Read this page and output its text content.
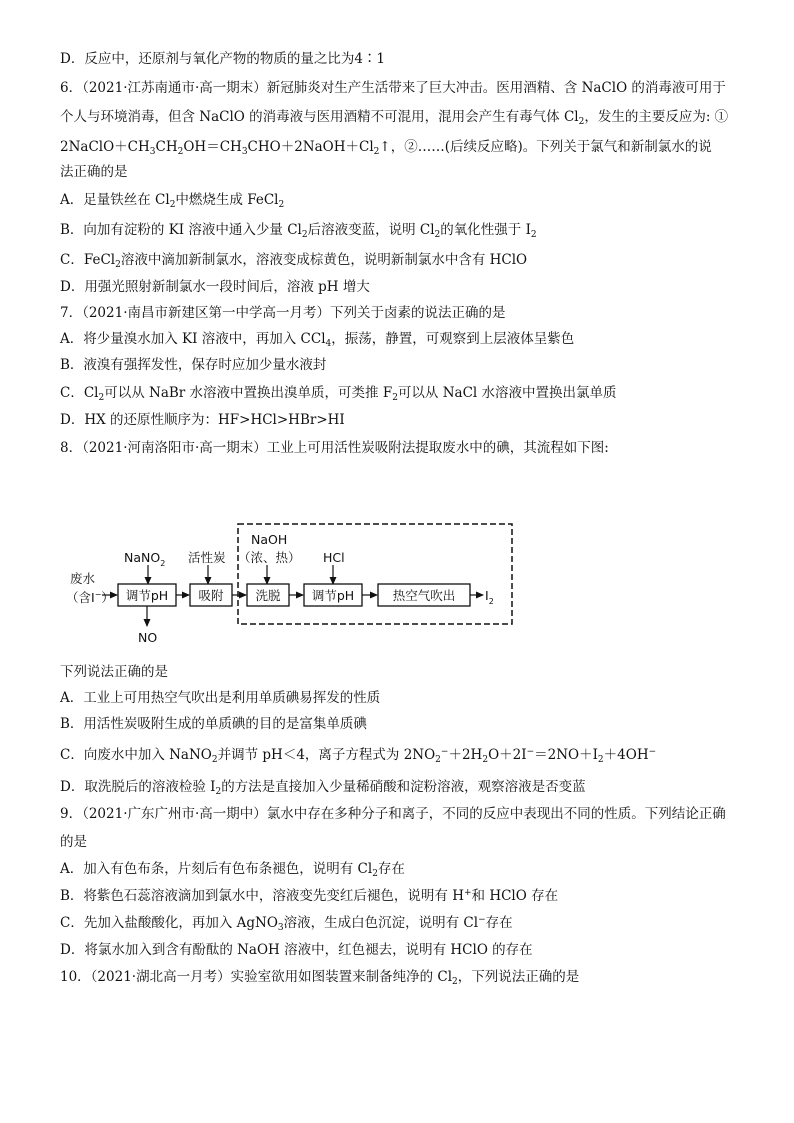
D．反应中，还原剂与氧化产物的物质的量之比为4∶1
6．（2021·江苏南通市·高一期末）新冠肺炎对生产生活带来了巨大冲击。医用酒精、含 NaClO 的消毒液可用于
个人与环境消毒，但含 NaClO 的消毒液与医用酒精不可混用，混用会产生有毒气体 $Cl_2$，发生的主要反应为: ①
$2NaClO+CH_3CH_2OH=CH_3CHO+2NaOH+Cl_2↑$，②……(后续反应略)。下列关于氯气和新制氯水的说
法正确的是
A．足量铁丝在 $Cl_2$中燃烧生成 FeCl$_2$
B．向加有淀粉的 KI 溶液中通入少量 $Cl_2$后溶液变蓝，说明 $Cl_2$的氧化性强于 $I_2$
C．FeCl$_2$溶液中滴加新制氯水，溶液变成棕黄色，说明新制氯水中含有 HClO
D．用强光照射新制氯水一段时间后，溶液 pH 增大
7．（2021·南昌市新建区第一中学高一月考）下列关于卤素的说法正确的是
A．将少量溴水加入 KI 溶液中，再加入 CCl$_4$，振荡，静置，可观察到上层液体呈紫色
B．液溴有强挥发性，保存时应加少量水液封
C．$Cl_2$可以从 NaBr 水溶液中置换出溴单质，可类推 $F_2$可以从 NaCl 水溶液中置换出氯单质
D．HX 的还原性顺序为：HF>HCl>HBr>HI
8．（2021·河南洛阳市·高一期末）工业上可用活性炭吸附法提取废水中的碘，其流程如下图:
废水
（含I−）
NaNO$_2$ 活性炭
NaOH
（浓、热） HCl
调节pH 吸附	洗脱	调节pH	热空气吹出 $I_2$
NO
下列说法正确的是
A．工业上可用热空气吹出是利用单质碘易挥发的性质
B．用活性炭吸附生成的单质碘的目的是富集单质碘
C．向废水中加入 NaNO$_2$并调节 pH＜4，离子方程式为 $2NO_2^-+2H_2O+2I^-=2NO+I_2+4OH^-$
D．取洗脱后的溶液检验 $I_2$的方法是直接加入少量稀硝酸和淀粉溶液，观察溶液是否变蓝
9．（2021·广东广州市·高一期中）氯水中存在多种分子和离子，不同的反应中表现出不同的性质。下列结论正确
的是
A．加入有色布条，片刻后有色布条褪色，说明有 $Cl_2$存在
B．将紫色石蕊溶液滴加到氯水中，溶液变先变红后褪色，说明有 H+和 HClO 存在
C．先加入盐酸酸化，再加入 AgNO$_3$溶液，生成白色沉淀，说明有 Cl−存在
D．将氯水加入到含有酚酞的 NaOH 溶液中，红色褪去，说明有 HClO 的存在
10．（2021·湖北高一月考）实验室欲用如图装置来制备纯净的 $Cl_2$，下列说法正确的是
